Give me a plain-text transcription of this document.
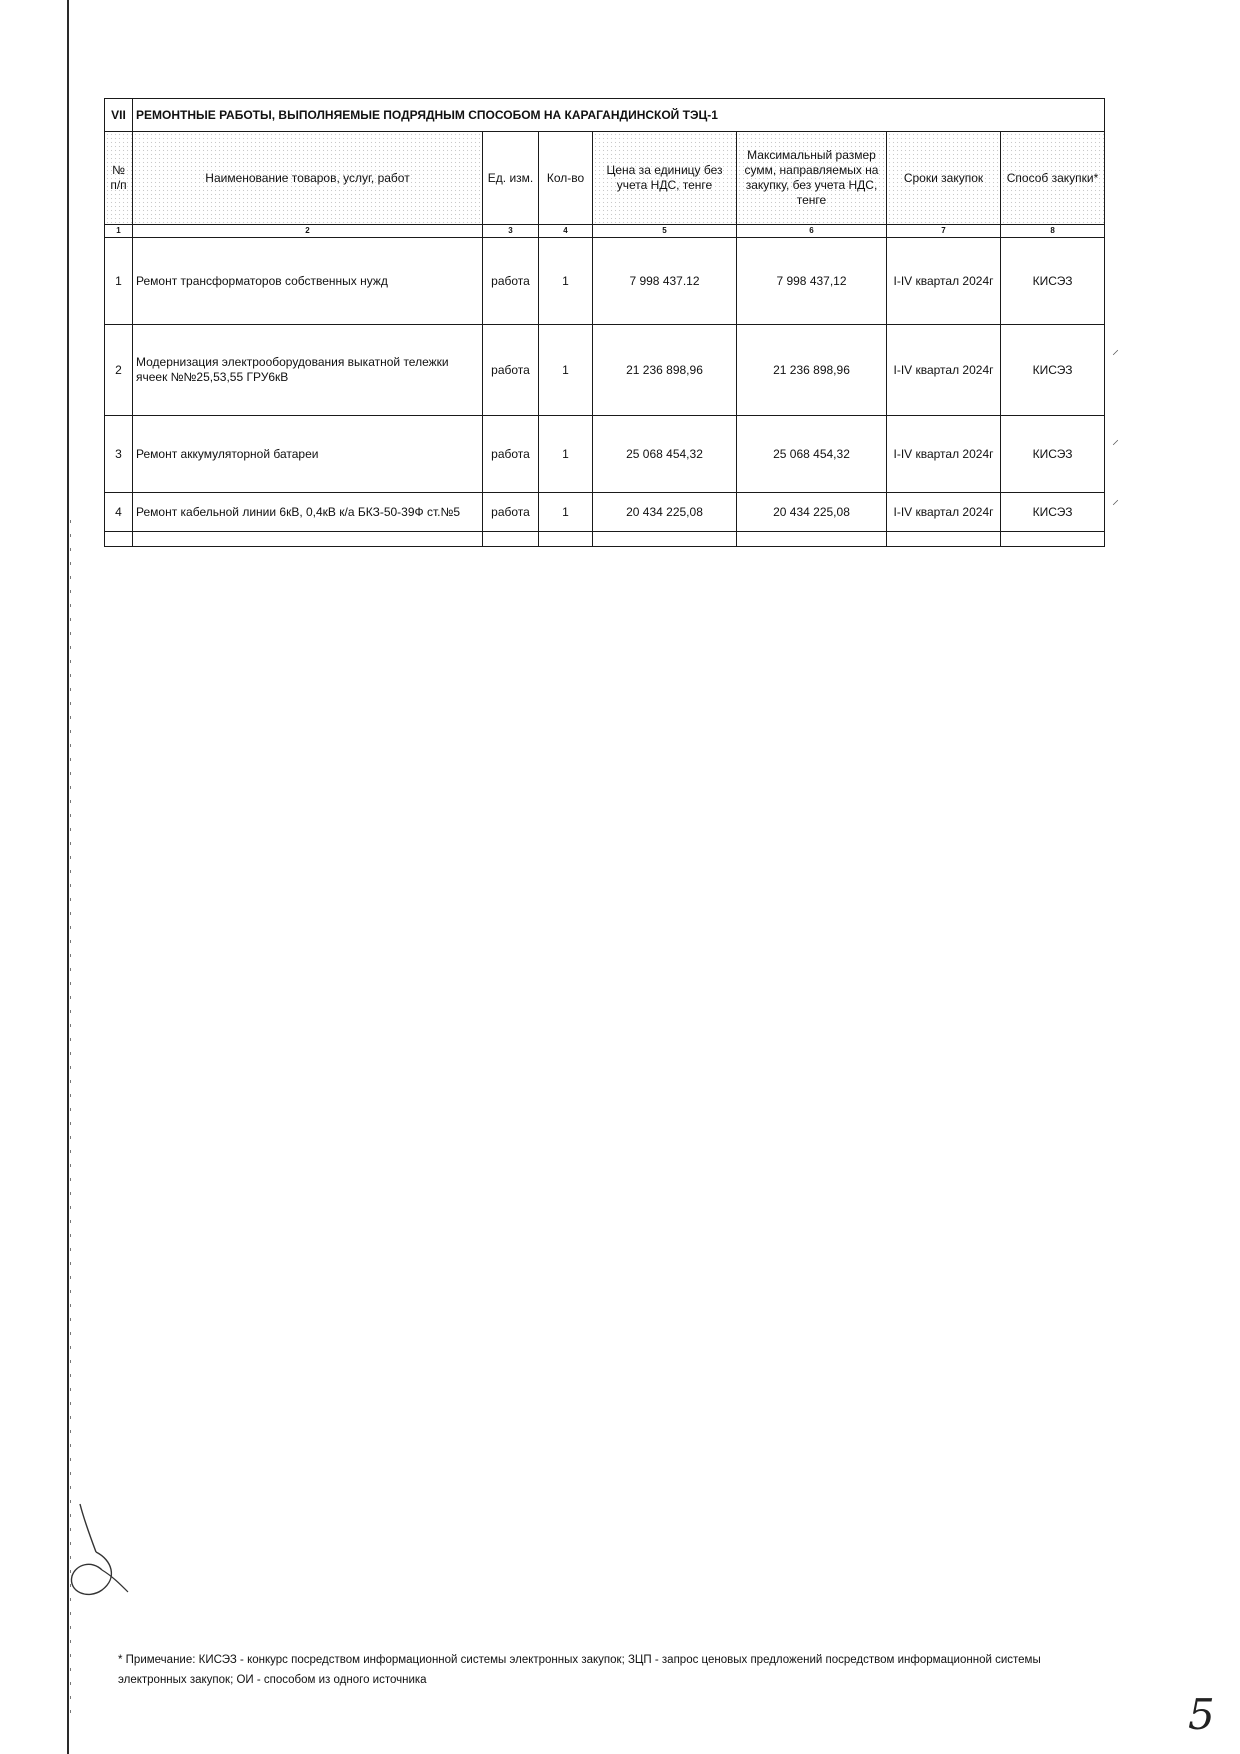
VII	РЕМОНТНЫЕ РАБОТЫ, ВЫПОЛНЯЕМЫЕ ПОДРЯДНЫМ СПОСОБОМ НА КАРАГАНДИНСКОЙ ТЭЦ-1						
№ п/п	Наименование товаров, услуг, работ	Ед. изм.	Кол-во	Цена за единицу без учета НДС, тенге	Максимальный размер сумм, направляемых на закупку, без учета НДС, тенге	Сроки закупок	Способ закупки*
1	2	3	4	5	6	7	8
1	Ремонт трансформаторов собственных нужд	работа	1	7 998 437.12	7 998 437,12	I-IV квартал 2024г	КИСЭЗ
2	Модернизация электрооборудования выкатной тележки ячеек №№25,53,55 ГРУ6кВ	работа	1	21 236 898,96	21 236 898,96	I-IV квартал 2024г	КИСЭЗ
3	Ремонт аккумуляторной батареи	работа	1	25 068 454,32	25 068 454,32	I-IV квартал 2024г	КИСЭЗ
4	Ремонт кабельной линии 6кВ, 0,4кВ к/а БКЗ-50-39Ф ст.№5	работа	1	20 434 225,08	20 434 225,08	I-IV квартал 2024г	КИСЭЗ

⸝
⸝
⸝
* Примечание: КИСЭЗ - конкурс посредством информационной системы электронных закупок; ЗЦП - запрос ценовых предложений посредством информационной системы электронных закупок; ОИ - способом из одного источника
5
